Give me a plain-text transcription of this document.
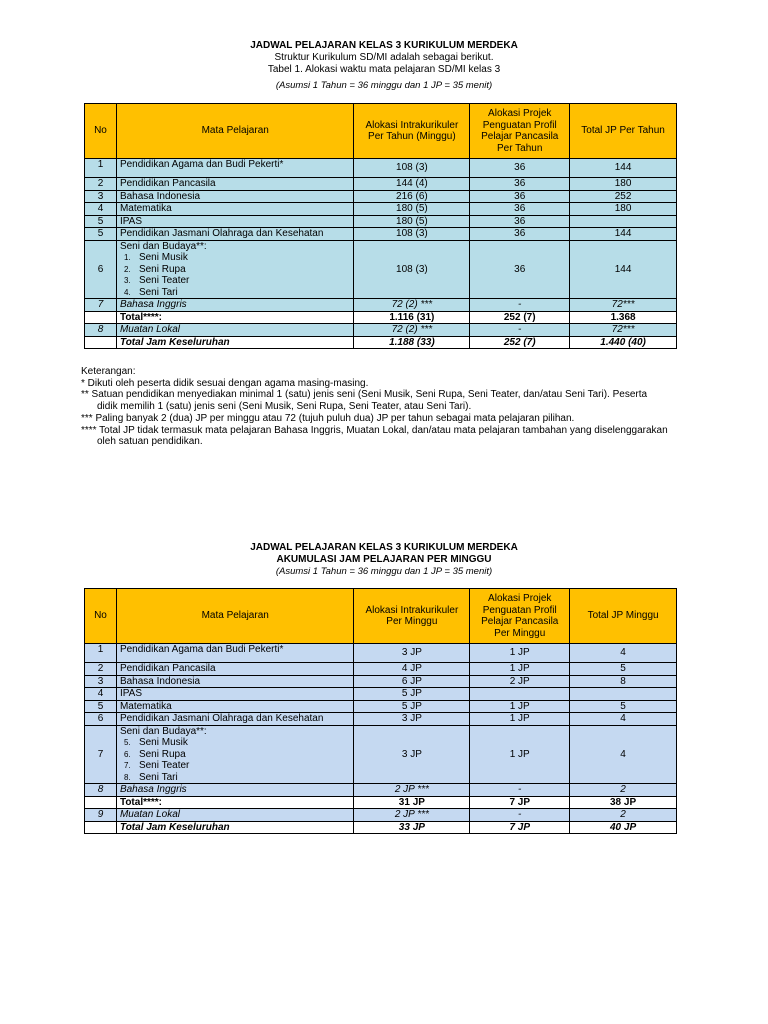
JADWAL PELAJARAN KELAS 3 KURIKULUM MERDEKA
Struktur Kurikulum SD/MI adalah sebagai berikut.
Tabel 1. Alokasi waktu mata pelajaran SD/MI kelas 3
(Asumsi 1 Tahun = 36 minggu dan 1 JP = 35 menit)
No	Mata Pelajaran	Alokasi Intrakurikuler Per Tahun (Minggu)	Alokasi Projek Penguatan Profil Pelajar Pancasila Per Tahun	Total JP Per Tahun
1	Pendidikan Agama dan Budi Pekerti*	108 (3)	36	144
2	Pendidikan Pancasila	144 (4)	36	180
3	Bahasa Indonesia	216 (6)	36	252
4	Matematika	180 (5)	36	180
5	IPAS	180 (5)	36	
5	Pendidikan Jasmani Olahraga dan Kesehatan	108 (3)	36	144
6	Seni dan Budaya**:
1. Seni Musik
2. Seni Rupa
3. Seni Teater
4. Seni Tari	108 (3)	36	144
7	Bahasa Inggris	72 (2) ***	-	72***
	Total****:	1.116 (31)	252 (7)	1.368
8	Muatan Lokal	72 (2) ***	-	72***
	Total Jam Keseluruhan	1.188 (33)	252 (7)	1.440 (40)
Keterangan:
* Dikuti oleh peserta didik sesuai dengan agama masing-masing.
** Satuan pendidikan menyediakan minimal 1 (satu) jenis seni (Seni Musik, Seni Rupa, Seni Teater, dan/atau Seni Tari). Peserta
didik memilih 1 (satu) jenis seni (Seni Musik, Seni Rupa, Seni Teater, atau Seni Tari).
*** Paling banyak 2 (dua) JP per minggu atau 72 (tujuh puluh dua) JP per tahun sebagai mata pelajaran pilihan.
**** Total JP tidak termasuk mata pelajaran Bahasa Inggris, Muatan Lokal, dan/atau mata pelajaran tambahan yang diselenggarakan
oleh satuan pendidikan.
JADWAL PELAJARAN KELAS 3 KURIKULUM MERDEKA
AKUMULASI JAM PELAJARAN PER MINGGU
(Asumsi 1 Tahun = 36 minggu dan 1 JP = 35 menit)
No	Mata Pelajaran	Alokasi Intrakurikuler Per Minggu	Alokasi Projek Penguatan Profil Pelajar Pancasila Per Minggu	Total JP Minggu
1	Pendidikan Agama dan Budi Pekerti*	3 JP	1 JP	4
2	Pendidikan Pancasila	4 JP	1 JP	5
3	Bahasa Indonesia	6 JP	2 JP	8
4	IPAS	5 JP		
5	Matematika	5 JP	1 JP	5
6	Pendidikan Jasmani Olahraga dan Kesehatan	3 JP	1 JP	4
7	Seni dan Budaya**:
5. Seni Musik
6. Seni Rupa
7. Seni Teater
8. Seni Tari	3 JP	1 JP	4
8	Bahasa Inggris	2 JP ***	-	2
	Total****:	31 JP	7 JP	38 JP
9	Muatan Lokal	2 JP ***	-	2
	Total Jam Keseluruhan	33 JP	7 JP	40 JP
